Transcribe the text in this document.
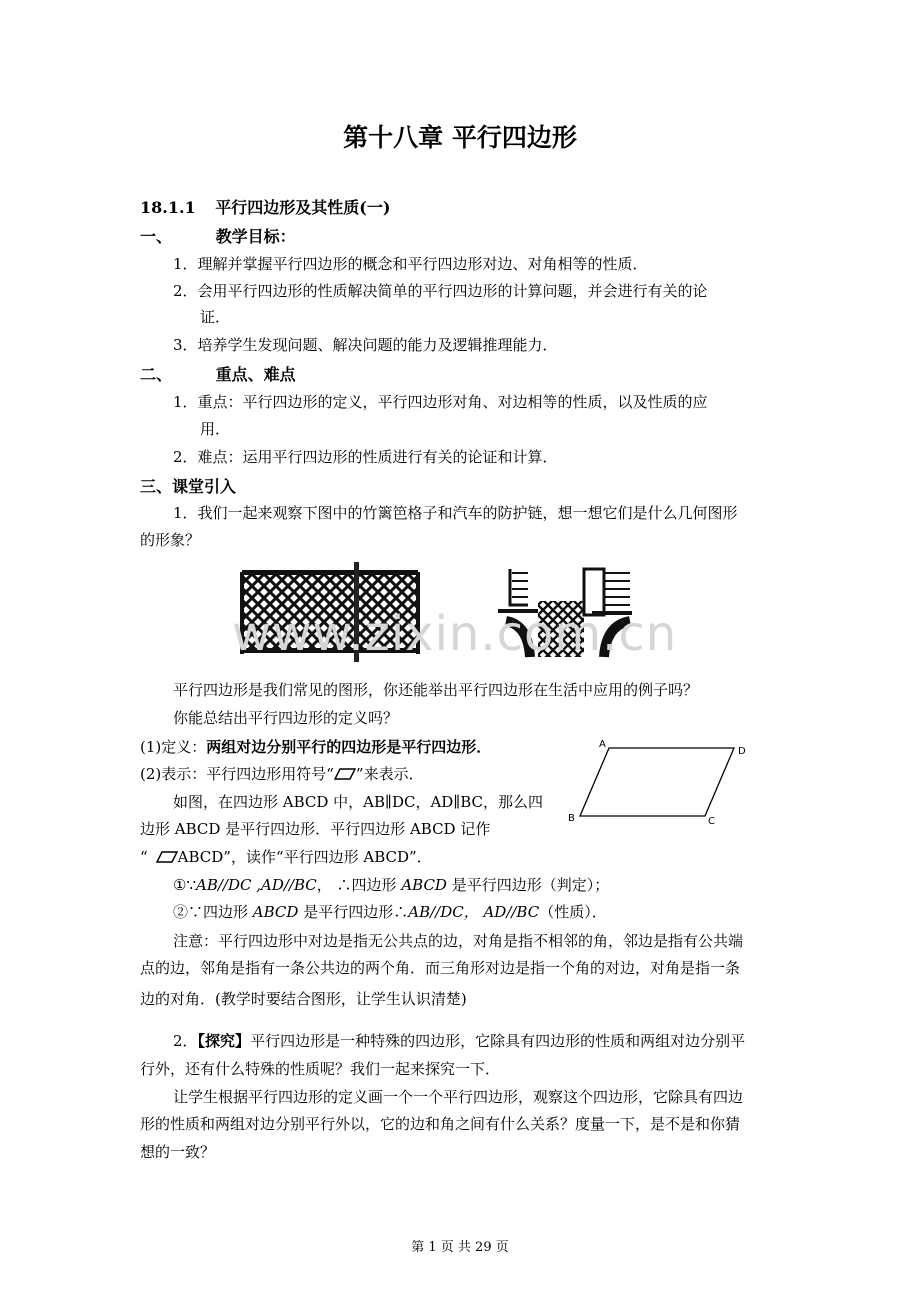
第十八章 平行四边形
18.1.1 平行四边形及其性质(一)
一、	教学目标：
1．理解并掌握平行四边形的概念和平行四边形对边、对角相等的性质．
2．会用平行四边形的性质解决简单的平行四边形的计算问题，并会进行有关的论
证．
3．培养学生发现问题、解决问题的能力及逻辑推理能力．
二、	重点、难点
1．重点：平行四边形的定义，平行四边形对角、对边相等的性质，以及性质的应
用．
2．难点：运用平行四边形的性质进行有关的论证和计算．
三、课堂引入
1．我们一起来观察下图中的竹篱笆格子和汽车的防护链，想一想它们是什么几何图形
的形象？
www.zixin.com.cn
平行四边形是我们常见的图形，你还能举出平行四边形在生活中应用的例子吗？
你能总结出平行四边形的定义吗？
(1)定义：两组对边分别平行的四边形是平行四边形．
(2)表示：平行四边形用符号“ ”来表示．
如图，在四边形 ABCD 中，AB∥DC，AD∥BC，那么四
边形 ABCD 是平行四边形．平行四边形 ABCD 记作
“ ABCD”，读作“平行四边形 ABCD”．
A
D
B	C
①∵AB//DC ,AD//BC， ∴四边形 ABCD 是平行四边形（判定）；
②∵四边形 ABCD 是平行四边形∴AB//DC， AD//BC（性质）．
注意：平行四边形中对边是指无公共点的边，对角是指不相邻的角，邻边是指有公共端
点的边，邻角是指有一条公共边的两个角．而三角形对边是指一个角的对边，对角是指一条
边的对角．(教学时要结合图形，让学生认识清楚)
2．【探究】平行四边形是一种特殊的四边形，它除具有四边形的性质和两组对边分别平
行外，还有什么特殊的性质呢？我们一起来探究一下．
让学生根据平行四边形的定义画一个一个平行四边形，观察这个四边形，它除具有四边
形的性质和两组对边分别平行外以，它的边和角之间有什么关系？度量一下，是不是和你猜
想的一致？
第 1 页 共 29 页
